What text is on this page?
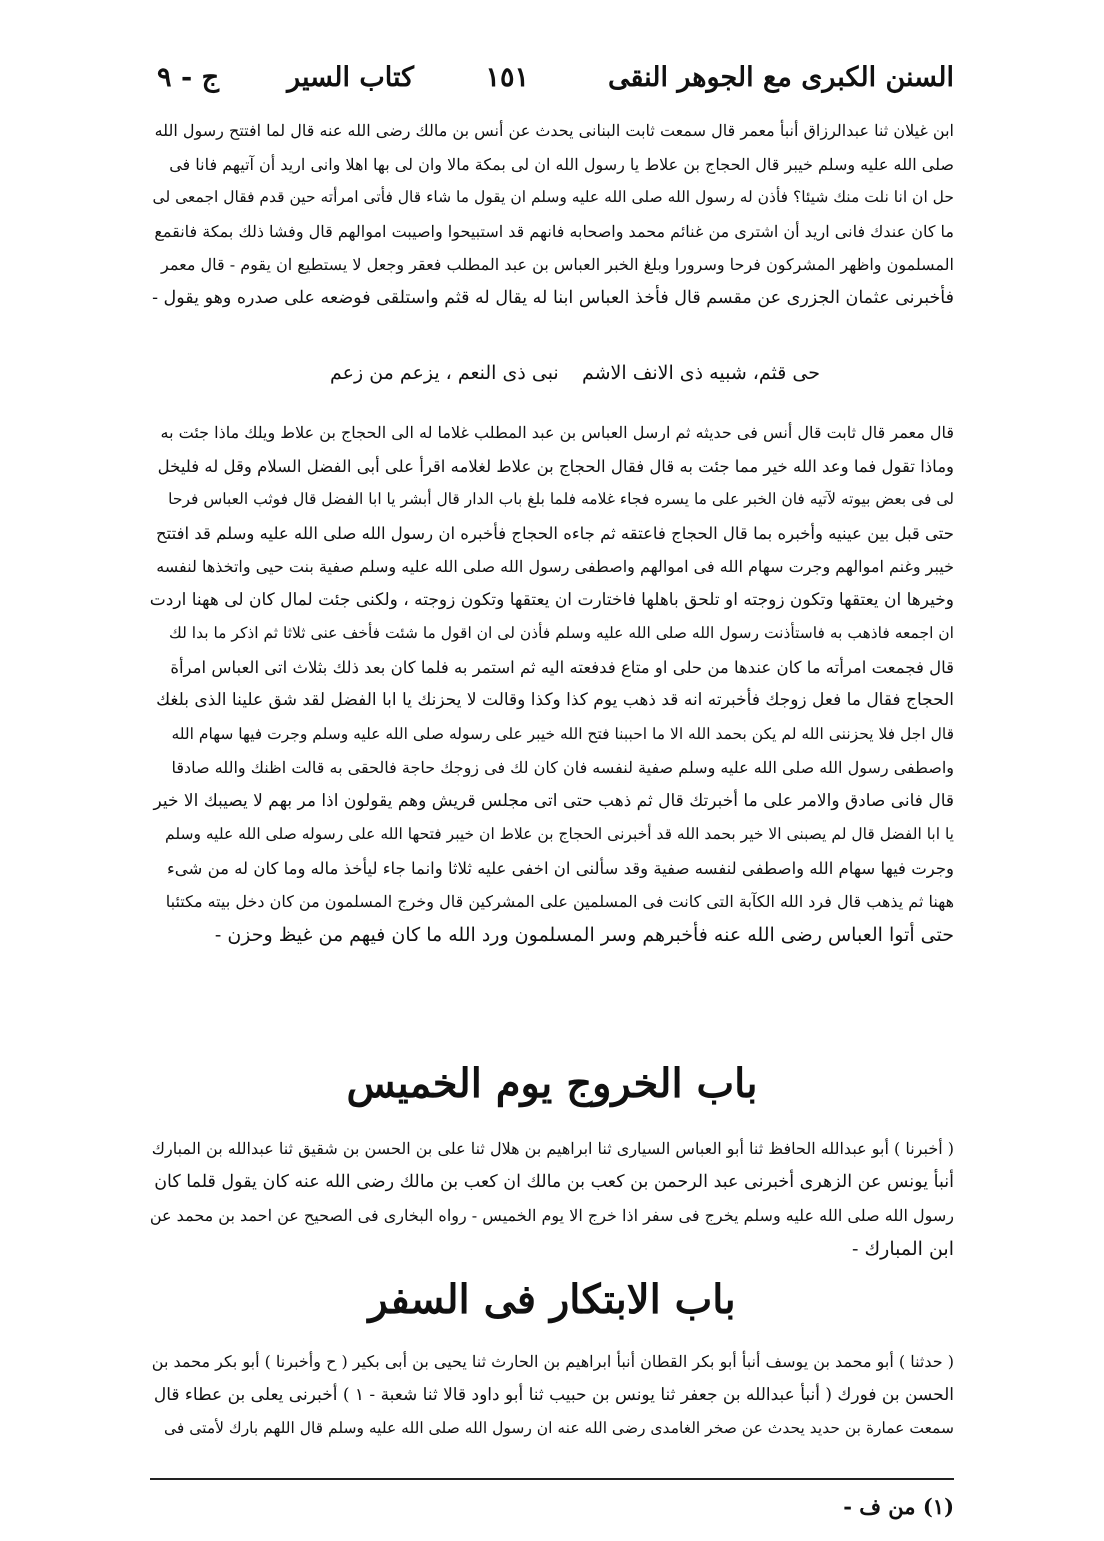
السنن الكبرى مع الجوهر النقى
١٥١
كتاب السير
ج - ٩

ابن غيلان ثنا عبدالرزاق أنبأ معمر قال سمعت ثابت البنانى يحدث عن أنس بن مالك رضى الله عنه قال لما افتتح رسول الله

صلى الله عليه وسلم خيبر قال الحجاج بن علاط يا رسول الله ان لى بمكة مالا وان لى بها اهلا وانى اريد أن آتيهم فانا فى

حل ان انا نلت منك شيئا؟ فأذن له رسول الله صلى الله عليه وسلم ان يقول ما شاء قال فأتى امرأته حين قدم فقال اجمعى لى

ما كان عندك فانى اريد أن اشترى من غنائم محمد واصحابه فانهم قد استبيحوا واصيبت اموالهم قال وفشا ذلك بمكة فانقمع

المسلمون واظهر المشركون فرحا وسرورا وبلغ الخبر العباس بن عبد المطلب فعقر وجعل لا يستطيع ان يقوم - قال معمر

فأخبرنى عثمان الجزرى عن مقسم قال فأخذ العباس ابنا له يقال له قثم واستلقى فوضعه على صدره وهو يقول -

حى قثم، شبيه ذى الانف الاشم
نبى ذى النعم ، يزعم من زعم

قال معمر قال ثابت قال أنس فى حديثه ثم ارسل العباس بن عبد المطلب غلاما له الى الحجاج بن علاط ويلك ماذا جئت به

وماذا تقول فما وعد الله خير مما جئت به قال فقال الحجاج بن علاط لغلامه اقرأ على أبى الفضل السلام وقل له فليخل

لى فى بعض بيوته لآتيه فان الخبر على ما يسره فجاء غلامه فلما بلغ باب الدار قال أبشر يا ابا الفضل قال فوثب العباس فرحا

حتى قبل بين عينيه وأخبره بما قال الحجاج فاعتقه ثم جاءه الحجاج فأخبره ان رسول الله صلى الله عليه وسلم قد افتتح

خيبر وغنم اموالهم وجرت سهام الله فى اموالهم واصطفى رسول الله صلى الله عليه وسلم صفية بنت حيى واتخذها لنفسه

وخيرها ان يعتقها وتكون زوجته او تلحق باهلها فاختارت ان يعتقها وتكون زوجته ، ولكنى جئت لمال كان لى ههنا اردت

ان اجمعه فاذهب به فاستأذنت رسول الله صلى الله عليه وسلم فأذن لى ان اقول ما شئت فأخف عنى ثلاثا ثم اذكر ما بدا لك

قال فجمعت امرأته ما كان عندها من حلى او متاع فدفعته اليه ثم استمر به فلما كان بعد ذلك بثلاث اتى العباس امرأة

الحجاج فقال ما فعل زوجك فأخبرته انه قد ذهب يوم كذا وكذا وقالت لا يحزنك يا ابا الفضل لقد شق علينا الذى بلغك

قال اجل فلا يحزننى الله لم يكن بحمد الله الا ما احببنا فتح الله خيبر على رسوله صلى الله عليه وسلم وجرت فيها سهام الله

واصطفى رسول الله صلى الله عليه وسلم صفية لنفسه فان كان لك فى زوجك حاجة فالحقى به قالت اظنك والله صادقا

قال فانى صادق والامر على ما أخبرتك قال ثم ذهب حتى اتى مجلس قريش وهم يقولون اذا مر بهم لا يصيبك الا خير

يا ابا الفضل قال لم يصبنى الا خير بحمد الله قد أخبرنى الحجاج بن علاط ان خيبر فتحها الله على رسوله صلى الله عليه وسلم

وجرت فيها سهام الله واصطفى لنفسه صفية وقد سألنى ان اخفى عليه ثلاثا وانما جاء ليأخذ ماله وما كان له من شىء

ههنا ثم يذهب قال فرد الله الكآبة التى كانت فى المسلمين على المشركين قال وخرج المسلمون من كان دخل بيته مكتئبا

حتى أتوا العباس رضى الله عنه فأخبرهم وسر المسلمون ورد الله ما كان فيهم من غيظ وحزن -

باب الخروج يوم الخميس

( أخبرنا ) أبو عبدالله الحافظ ثنا أبو العباس السيارى ثنا ابراهيم بن هلال ثنا على بن الحسن بن شقيق ثنا عبدالله بن المبارك

أنبأ يونس عن الزهرى أخبرنى عبد الرحمن بن كعب بن مالك ان كعب بن مالك رضى الله عنه كان يقول قلما كان

رسول الله صلى الله عليه وسلم يخرج فى سفر اذا خرج الا يوم الخميس - رواه البخارى فى الصحيح عن احمد بن محمد عن

ابن المبارك -

باب الابتكار فى السفر

( حدثنا ) أبو محمد بن يوسف أنبأ أبو بكر القطان أنبأ ابراهيم بن الحارث ثنا يحيى بن أبى بكير ( ح وأخبرنا ) أبو بكر محمد بن

الحسن بن فورك ( أنبأ عبدالله بن جعفر ثنا يونس بن حبيب ثنا أبو داود قالا ثنا شعبة - ١ ) أخبرنى يعلى بن عطاء قال

سمعت عمارة بن حديد يحدث عن صخر الغامدى رضى الله عنه ان رسول الله صلى الله عليه وسلم قال اللهم بارك لأمتى فى

(١) من ف -
